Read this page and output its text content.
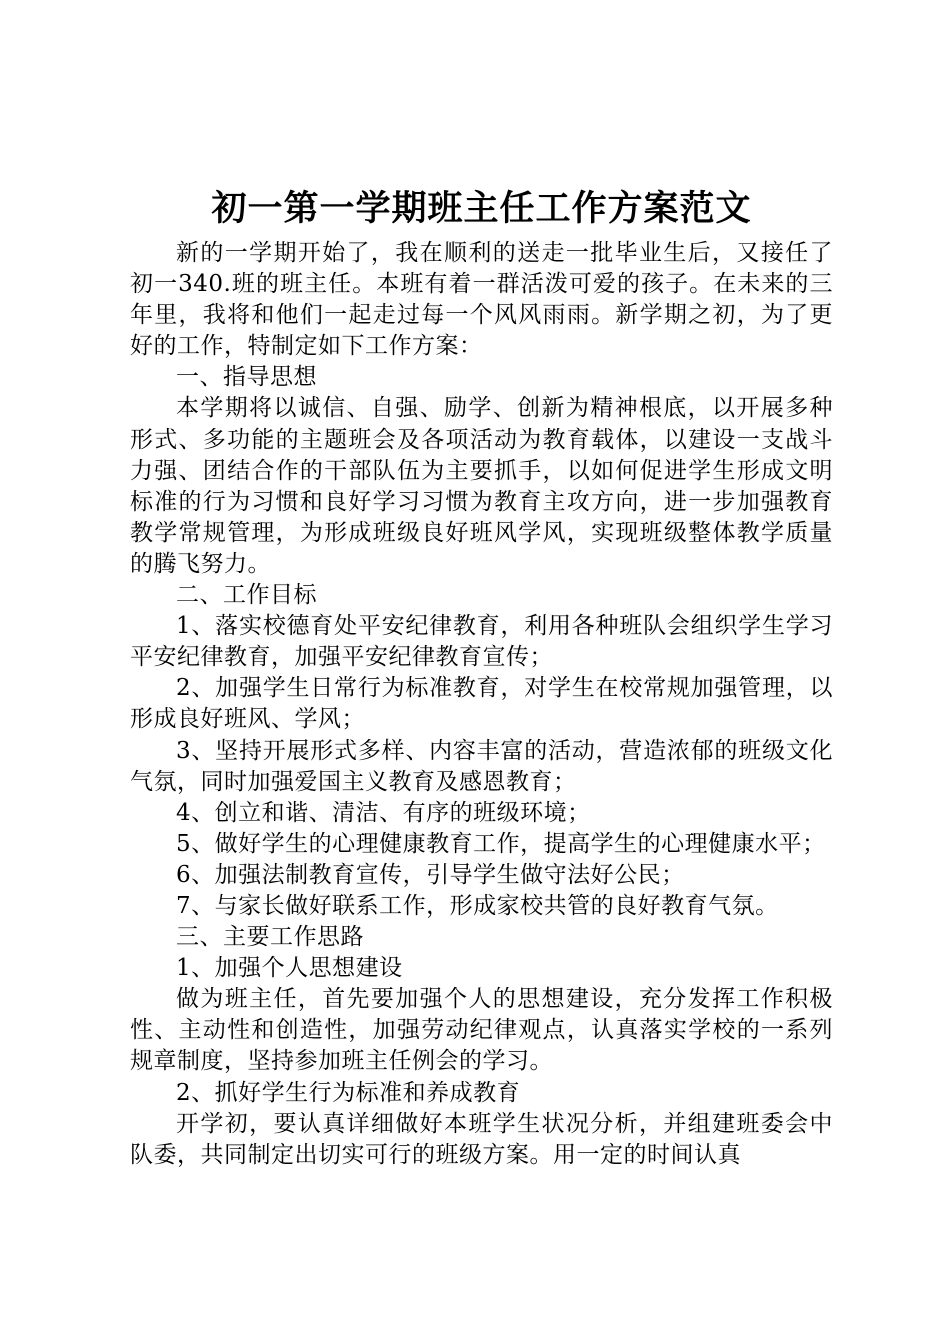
初一第一学期班主任工作方案范文

新的一学期开始了，我在顺利的送走一批毕业生后，又接任了初一340.班的班主任。本班有着一群活泼可爱的孩子。在未来的三年里，我将和他们一起走过每一个风风雨雨。新学期之初，为了更好的工作，特制定如下工作方案：

一、指导思想

本学期将以诚信、自强、励学、创新为精神根底，以开展多种形式、多功能的主题班会及各项活动为教育载体，以建设一支战斗力强、团结合作的干部队伍为主要抓手，以如何促进学生形成文明标准的行为习惯和良好学习习惯为教育主攻方向，进一步加强教育教学常规管理，为形成班级良好班风学风，实现班级整体教学质量的腾飞努力。

二、工作目标

1、落实校德育处平安纪律教育，利用各种班队会组织学生学习平安纪律教育，加强平安纪律教育宣传；

2、加强学生日常行为标准教育，对学生在校常规加强管理，以形成良好班风、学风；

3、坚持开展形式多样、内容丰富的活动，营造浓郁的班级文化气氛，同时加强爱国主义教育及感恩教育；

4、创立和谐、清洁、有序的班级环境；

5、做好学生的心理健康教育工作，提高学生的心理健康水平；

6、加强法制教育宣传，引导学生做守法好公民；

7、与家长做好联系工作，形成家校共管的良好教育气氛。

三、主要工作思路

1、加强个人思想建设

做为班主任，首先要加强个人的思想建设，充分发挥工作积极性、主动性和创造性，加强劳动纪律观点，认真落实学校的一系列规章制度，坚持参加班主任例会的学习。

2、抓好学生行为标准和养成教育

开学初，要认真详细做好本班学生状况分析，并组建班委会中队委，共同制定出切实可行的班级方案。用一定的时间认真
